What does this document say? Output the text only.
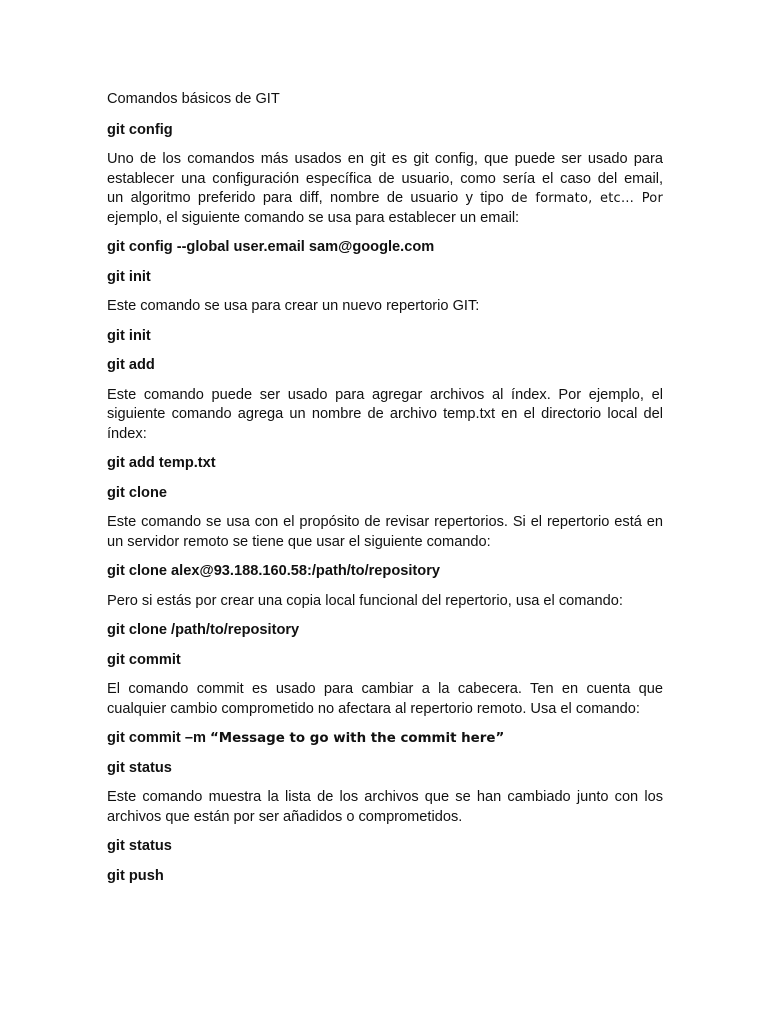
Comandos básicos de GIT
git config
Uno de los comandos más usados en git es git config, que puede ser usado para
establecer una configuración específica de usuario, como sería el caso del email,
un algoritmo preferido para diff, nombre de usuario y tipo de formato, etc… Por
ejemplo, el siguiente comando se usa para establecer un email:
git config --global user.email sam@google.com
git init
Este comando se usa para crear un nuevo repertorio GIT:
git init
git add
Este comando puede ser usado para agregar archivos al índex. Por ejemplo, el
siguiente comando agrega un nombre de archivo temp.txt en el directorio local del
índex:
git add temp.txt
git clone
Este comando se usa con el propósito de revisar repertorios. Si el repertorio está en
un servidor remoto se tiene que usar el siguiente comando:
git clone alex@93.188.160.58:/path/to/repository
Pero si estás por crear una copia local funcional del repertorio, usa el comando:
git clone /path/to/repository
git commit
El comando commit es usado para cambiar a la cabecera. Ten en cuenta que
cualquier cambio comprometido no afectara al repertorio remoto. Usa el comando:
git commit –m “Message to go with the commit here”
git status
Este comando muestra la lista de los archivos que se han cambiado junto con los
archivos que están por ser añadidos o comprometidos.
git status
git push
